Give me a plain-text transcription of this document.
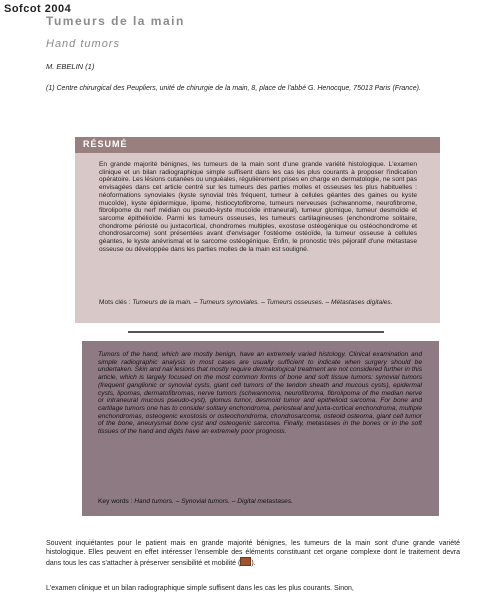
Sofcot 2004
Tumeurs de la main
Hand tumors
M. EBELIN (1)
(1) Centre chirurgical des Peupliers, unité de chirurgie de la main, 8, place de l'abbé G. Henocque, 75013 Paris (France).
RÉSUMÉ
En grande majorité bénignes, les tumeurs de la main sont d'une grande variété histologique. L'examen clinique et un bilan radiographique simple suffisent dans les cas les plus courants à proposer l'indication opératoire. Les lésions cutanées ou unguéales, régulièrement prises en charge en dermatologie, ne sont pas envisagées dans cet article centré sur les tumeurs des parties molles et osseuses les plus habituelles : néoformations synoviales (kyste synovial très fréquent, tumeur à cellules géantes des gaines ou kyste mucoïde), kyste épidermique, lipome, histiocytofibrome, tumeurs nerveuses (schwannome, neurofibrome, fibrolipome du nerf médian ou pseudo-kyste mucoïde intraneural), tumeur glomique, tumeur desmoïde et sarcome épithélioïde. Parmi les tumeurs osseuses, les tumeurs cartilagineuses (enchondrome solitaire, chondrome périosté ou juxtacortical, chondromes multiples, exostose ostéogénique ou ostéochondrome et chondrosarcome) sont présentées avant d'envisager l'ostéome ostéoïde, la tumeur osseuse à cellules géantes, le kyste anévrismal et le sarcome ostéogénique. Enfin, le pronostic très péjoratif d'une métastase osseuse ou développée dans les parties molles de la main est souligné.
Mots clés : Tumeurs de la main. – Tumeurs synoviales. – Tumeurs osseuses. – Métastases digitales.
Tumors of the hand, which are mostly benign, have an extremely varied histology. Clinical examination and simple radiographic analysis in most cases are usually sufficient to indicate when surgery should be undertaken. Skin and nail lesions that mostly require dermatological treatment are not considered further in this article, which is largely focused on the most common forms of bone and soft tissue tumors: synovial tumors (frequent ganglionic or synovial cysts, giant cell tumors of the tendon sheath and mucous cysts), epidermal cysts, lipomas, dermatofibromas, nerve tumors (schwannoma, neurofibroma, fibrolipoma of the median nerve or intraneural mucous pseudo-cyst), glomus tumor, desmoid tumor and epithelioid sarcoma. For bone and cartilage tumors one has to consider solitary enchondroma, periosteal and juxta-cortical enchondroma, multiple enchondromas, osteogenic exostosis or osteochondroma, chondrosarcoma, osteoid osteoma, giant cell tumor of the bone, aneurysmal bone cyst and osteogenic sarcoma. Finally, metastases in the bones or in the soft tissues of the hand and digits have an extremely poor prognosis.
Key words : Hand tumors. – Synovial tumors. – Digital metastases.
Souvent inquiétantes pour le patient mais en grande majorité bénignes, les tumeurs de la main sont d'une grande variété histologique. Elles peuvent en effet intéresser l'ensemble des éléments constituant cet organe complexe dont le traitement devra dans tous les cas s'attacher à préserver sensibilité et mobilité ( ).
L'examen clinique et un bilan radiographique simple suffisent dans les cas les plus courants. Sinon,
